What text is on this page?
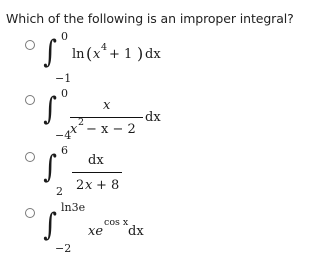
Which of the following is an improper integral?
0
∫
−1
ln ( x 4 + 1 ) dx
0
∫
−4
x
x 2 − x − 2
dx
6
∫
2
dx
2 x + 8
ln3e
∫
−2
xe
cos x
dx
